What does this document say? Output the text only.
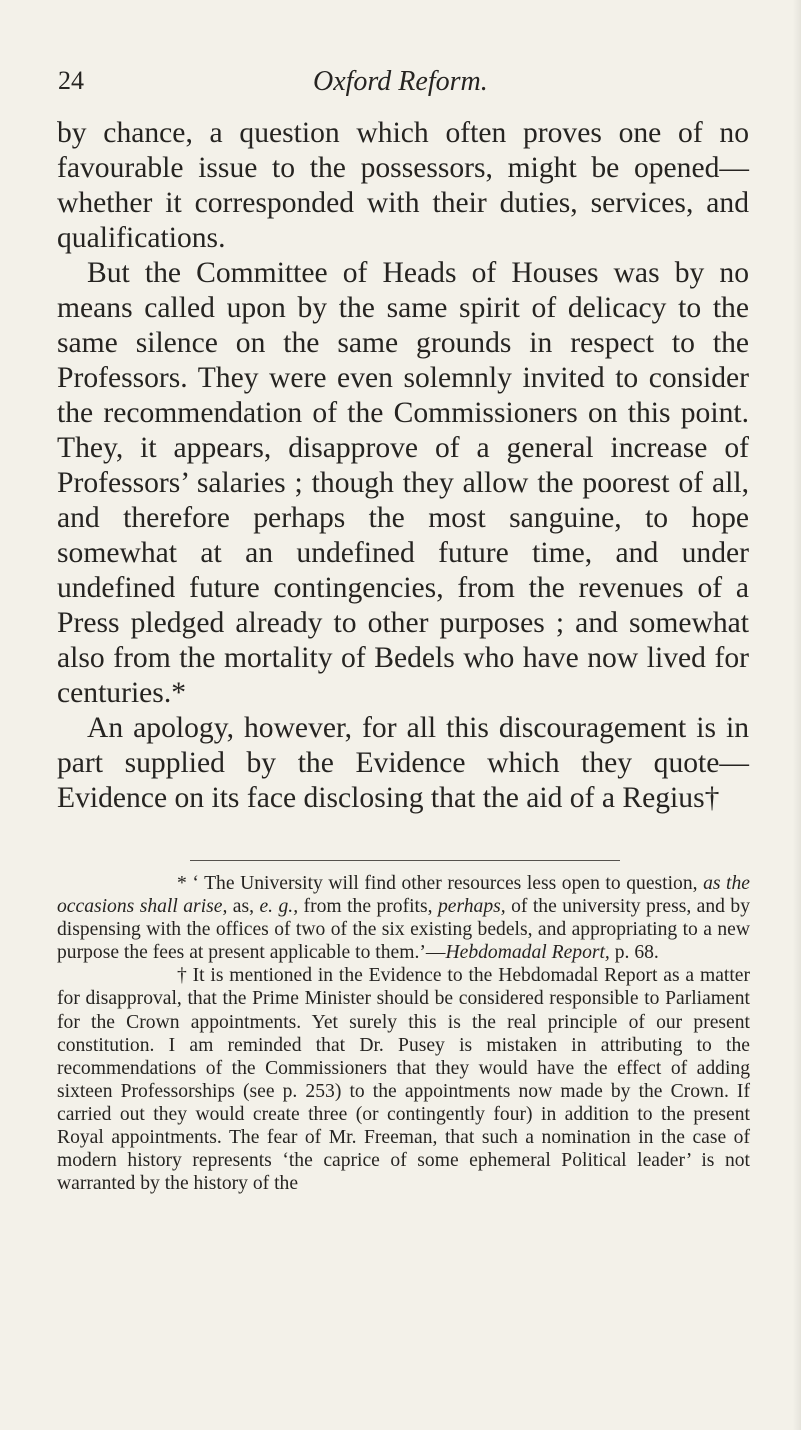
24	Oxford Reform.

by chance, a question which often proves one of no favourable issue to the possessors, might be opened— whether it corresponded with their duties, services, and qualifications.

But the Committee of Heads of Houses was by no means called upon by the same spirit of delicacy to the same silence on the same grounds in respect to the Professors. They were even solemnly invited to consider the recommendation of the Commissioners on this point. They, it appears, disapprove of a general increase of Professors’ salaries ; though they allow the poorest of all, and therefore perhaps the most sanguine, to hope somewhat at an undefined future time, and under undefined future contingencies, from the revenues of a Press pledged already to other purposes ; and somewhat also from the mortality of Bedels who have now lived for centuries.*

An apology, however, for all this discouragement is in part supplied by the Evidence which they quote—Evidence on its face disclosing that the aid of a Regius†

* ‘ The University will find other resources less open to question, as the occasions shall arise, as, e. g., from the profits, perhaps, of the university press, and by dispensing with the offices of two of the six existing bedels, and appropriating to a new purpose the fees at present applicable to them.’—Hebdomadal Report, p. 68.

† It is mentioned in the Evidence to the Hebdomadal Report as a matter for disapproval, that the Prime Minister should be considered responsible to Parliament for the Crown appointments. Yet surely this is the real principle of our present constitution. I am reminded that Dr. Pusey is mistaken in attributing to the recommendations of the Commissioners that they would have the effect of adding sixteen Professorships (see p. 253) to the appointments now made by the Crown. If carried out they would create three (or contingently four) in addition to the present Royal appointments. The fear of Mr. Freeman, that such a nomination in the case of modern history represents ‘the caprice of some ephemeral Political leader’ is not warranted by the history of the
